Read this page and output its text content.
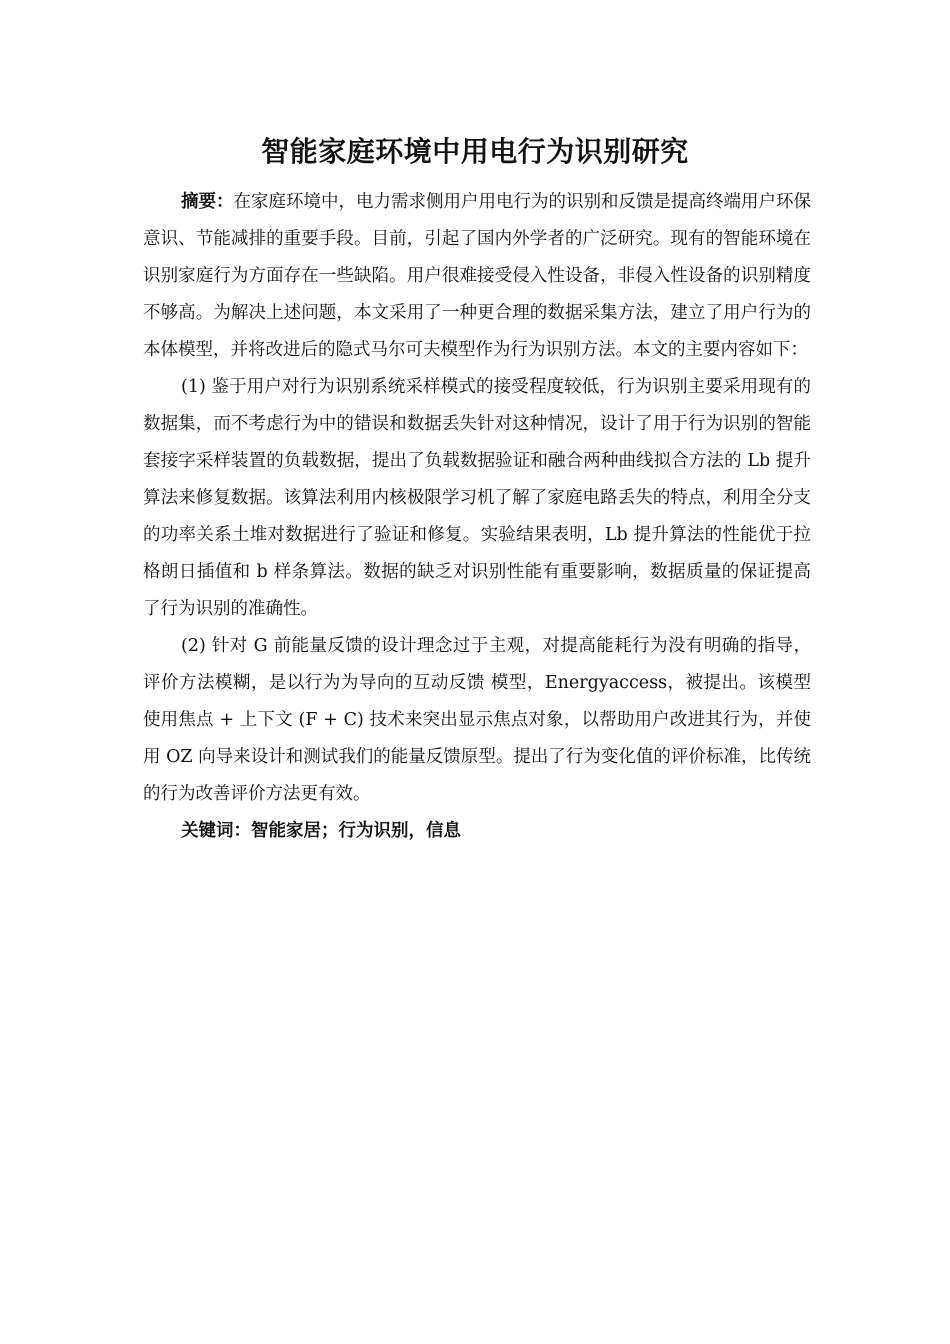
智能家庭环境中用电行为识别研究

摘要：在家庭环境中，电力需求侧用户用电行为的识别和反馈是提高终端用户环保意识、节能减排的重要手段。目前，引起了国内外学者的广泛研究。现有的智能环境在识别家庭行为方面存在一些缺陷。用户很难接受侵入性设备，非侵入性设备的识别精度不够高。为解决上述问题，本文采用了一种更合理的数据采集方法，建立了用户行为的本体模型，并将改进后的隐式马尔可夫模型作为行为识别方法。本文的主要内容如下：

(1) 鉴于用户对行为识别系统采样模式的接受程度较低，行为识别主要采用现有的数据集，而不考虑行为中的错误和数据丢失针对这种情况，设计了用于行为识别的智能套接字采样装置的负载数据，提出了负载数据验证和融合两种曲线拟合方法的 Lb 提升算法来修复数据。该算法利用内核极限学习机了解了家庭电路丢失的特点，利用全分支的功率关系土堆对数据进行了验证和修复。实验结果表明，Lb 提升算法的性能优于拉格朗日插值和 b 样条算法。数据的缺乏对识别性能有重要影响，数据质量的保证提高了行为识别的准确性。

(2) 针对 G 前能量反馈的设计理念过于主观，对提高能耗行为没有明确的指导，评价方法模糊，是以行为为导向的互动反馈 模型，Energyaccess，被提出。该模型使用焦点 + 上下文 (F + C) 技术来突出显示焦点对象，以帮助用户改进其行为，并使用 OZ 向导来设计和测试我们的能量反馈原型。提出了行为变化值的评价标准，比传统的行为改善评价方法更有效。

关键词：智能家居；行为识别，信息
